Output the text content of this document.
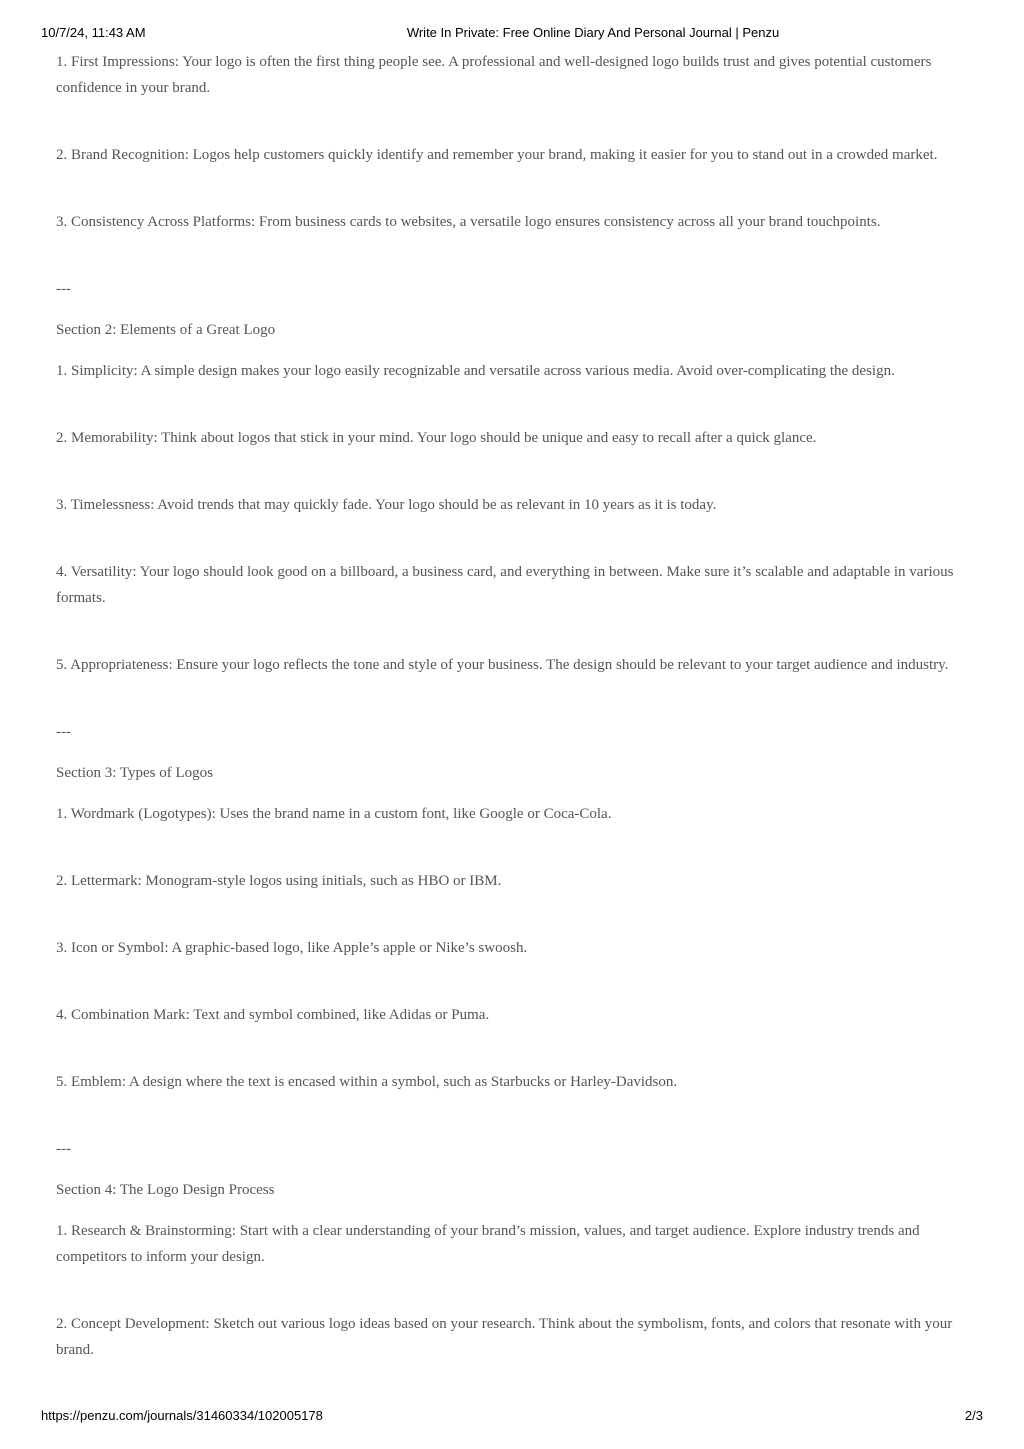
10/7/24, 11:43 AM	Write In Private: Free Online Diary And Personal Journal | Penzu

1. First Impressions: Your logo is often the first thing people see. A professional and well-designed logo builds trust and gives potential customers confidence in your brand.

2. Brand Recognition: Logos help customers quickly identify and remember your brand, making it easier for you to stand out in a crowded market.

3. Consistency Across Platforms: From business cards to websites, a versatile logo ensures consistency across all your brand touchpoints.

---

Section 2: Elements of a Great Logo

1. Simplicity: A simple design makes your logo easily recognizable and versatile across various media. Avoid over-complicating the design.

2. Memorability: Think about logos that stick in your mind. Your logo should be unique and easy to recall after a quick glance.

3. Timelessness: Avoid trends that may quickly fade. Your logo should be as relevant in 10 years as it is today.

4. Versatility: Your logo should look good on a billboard, a business card, and everything in between. Make sure it’s scalable and adaptable in various formats.

5. Appropriateness: Ensure your logo reflects the tone and style of your business. The design should be relevant to your target audience and industry.

---

Section 3: Types of Logos

1. Wordmark (Logotypes): Uses the brand name in a custom font, like Google or Coca-Cola.

2. Lettermark: Monogram-style logos using initials, such as HBO or IBM.

3. Icon or Symbol: A graphic-based logo, like Apple’s apple or Nike’s swoosh.

4. Combination Mark: Text and symbol combined, like Adidas or Puma.

5. Emblem: A design where the text is encased within a symbol, such as Starbucks or Harley-Davidson.

---

Section 4: The Logo Design Process

1. Research & Brainstorming: Start with a clear understanding of your brand’s mission, values, and target audience. Explore industry trends and competitors to inform your design.

2. Concept Development: Sketch out various logo ideas based on your research. Think about the symbolism, fonts, and colors that resonate with your brand.

https://penzu.com/journals/31460334/102005178	2/3
